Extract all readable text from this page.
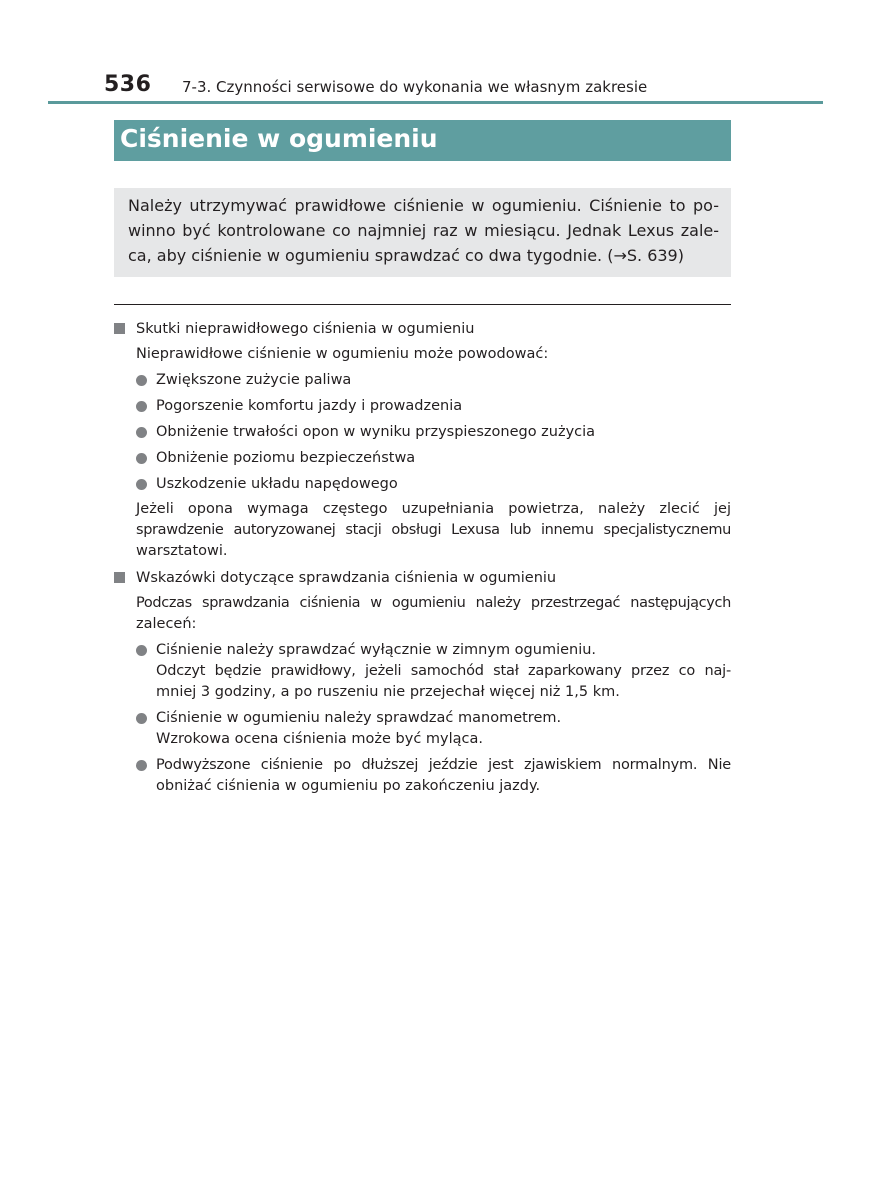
536 7-3. Czynności serwisowe do wykonania we własnym zakresie
Ciśnienie w ogumieniu
Należy utrzymywać prawidłowe ciśnienie w ogumieniu. Ciśnienie to po-
winno być kontrolowane co najmniej raz w miesiącu. Jednak Lexus zale-
ca, aby ciśnienie w ogumieniu sprawdzać co dwa tygodnie. (→S. 639)
Skutki nieprawidłowego ciśnienia w ogumieniu
Nieprawidłowe ciśnienie w ogumieniu może powodować:
Zwiększone zużycie paliwa
Pogorszenie komfortu jazdy i prowadzenia
Obniżenie trwałości opon w wyniku przyspieszonego zużycia
Obniżenie poziomu bezpieczeństwa
Uszkodzenie układu napędowego
Jeżeli opona wymaga częstego uzupełniania powietrza, należy zlecić jej
sprawdzenie autoryzowanej stacji obsługi Lexusa lub innemu specjalistycznemu
warsztatowi.
Wskazówki dotyczące sprawdzania ciśnienia w ogumieniu
Podczas sprawdzania ciśnienia w ogumieniu należy przestrzegać następujących
zaleceń:
Ciśnienie należy sprawdzać wyłącznie w zimnym ogumieniu.
Odczyt będzie prawidłowy, jeżeli samochód stał zaparkowany przez co naj-
mniej 3 godziny, a po ruszeniu nie przejechał więcej niż 1,5 km.
Ciśnienie w ogumieniu należy sprawdzać manometrem.
Wzrokowa ocena ciśnienia może być myląca.
Podwyższone ciśnienie po dłuższej jeździe jest zjawiskiem normalnym. Nie
obniżać ciśnienia w ogumieniu po zakończeniu jazdy.
